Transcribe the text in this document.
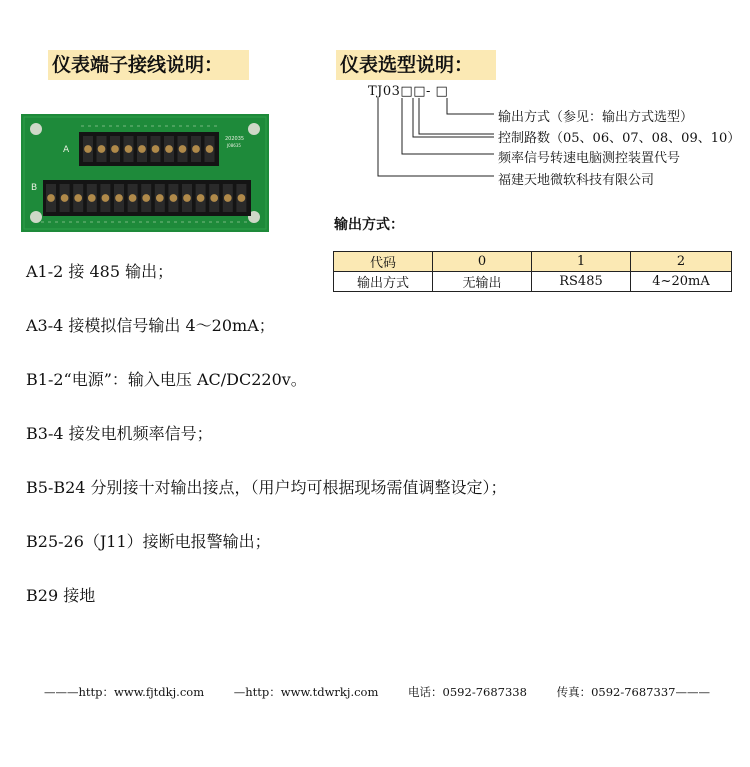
仪表端子接线说明：	仪表选型说明：
A
B
202035
J08635
TJ03□□- □
输出方式（参见：输出方式选型）
控制路数（05、06、07、08、09、10）
频率信号转速电脑测控装置代号
福建天地微软科技有限公司
输出方式：
代码	0	1	2
输出方式	无输出	RS485	4~20mA
A1-2 接 485 输出；
A3-4 接模拟信号输出 4～20mA；
B1-2“电源”：输入电压 AC/DC220v。
B3-4 接发电机频率信号；
B5-B24 分别接十对输出接点，（用户均可根据现场需值调整设定）；
B25-26（J11）接断电报警输出；
B29 接地
———http：www.fjtdkj.com	—http：www.tdwrkj.com	电话：0592-7687338	传真：0592-7687337———
